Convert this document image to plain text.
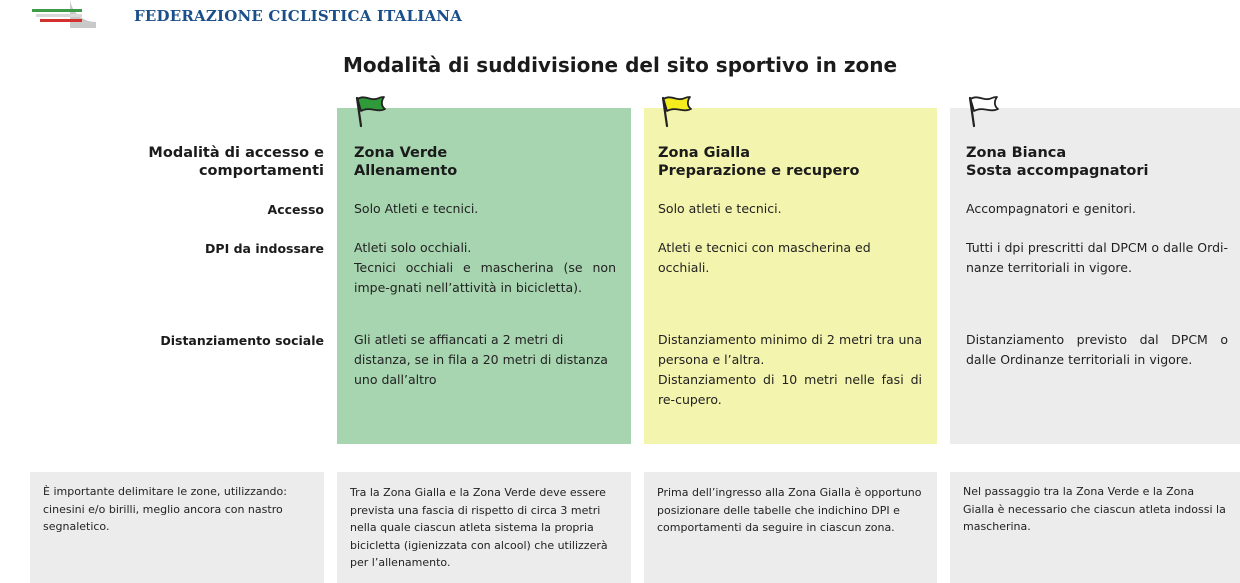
FEDERAZIONE CICLISTICA ITALIANA
Modalità di suddivisione del sito sportivo in zone
Modalità di accesso e comportamenti
Accesso
DPI da indossare
Distanziamento sociale
Zona Verde
Allenamento
Solo Atleti e tecnici.
Atleti solo occhiali.
Tecnici occhiali e mascherina (se non impe-gnati nell’attività in bicicletta).
Gli atleti se affiancati a 2 metri di distanza, se in fila a 20 metri di distanza uno dall’altro
Zona Gialla
Preparazione e recupero
Solo atleti e tecnici.
Atleti e tecnici con mascherina ed occhiali.
Distanziamento minimo di 2 metri tra una persona e l’altra.
Distanziamento di 10 metri nelle fasi di re-cupero.
Zona Bianca
Sosta accompagnatori
Accompagnatori e genitori.
Tutti i dpi prescritti dal DPCM o dalle Ordi-nanze territoriali in vigore.
Distanziamento previsto dal DPCM o dalle Ordinanze territoriali in vigore.
È importante delimitare le zone, utilizzando: cinesini e/o birilli, meglio ancora con nastro segnaletico.
Tra la Zona Gialla e la Zona Verde deve essere prevista una fascia di rispetto di circa 3 metri nella quale ciascun atleta sistema la propria bicicletta (igienizzata con alcool) che utilizzerà per l’allenamento.
Prima dell’ingresso alla Zona Gialla è opportuno posizionare delle tabelle che indichino DPI e comportamenti da seguire in ciascun zona.
Nel passaggio tra la Zona Verde e la Zona Gialla è necessario che ciascun atleta indossi la mascherina.
